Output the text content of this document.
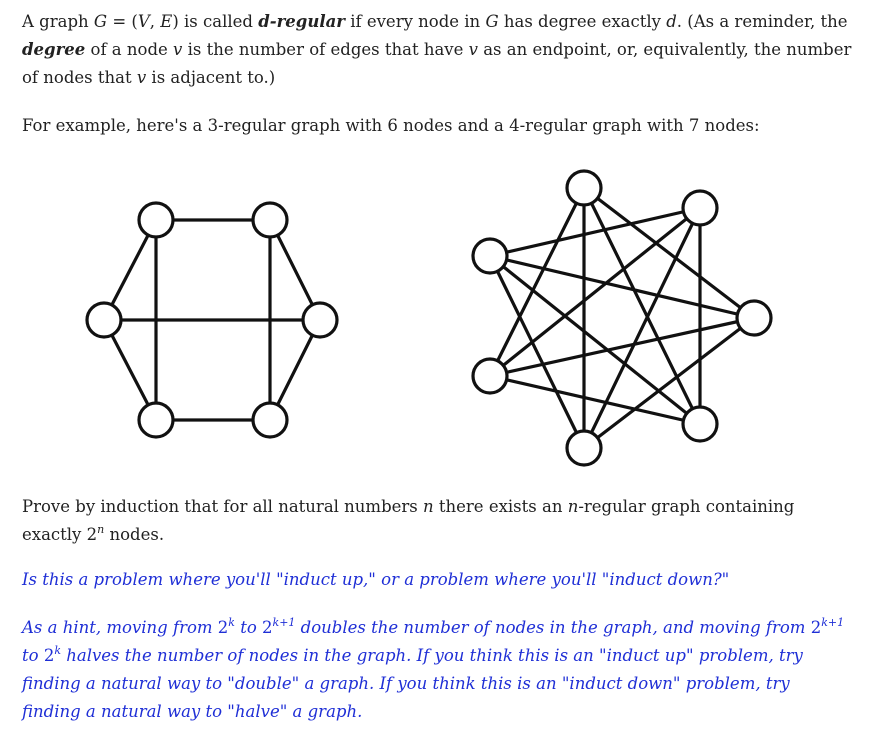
A graph G = (V, E) is called d-regular if every node in G has degree exactly d. (As a reminder, the degree of a node v is the number of edges that have v as an endpoint, or, equivalently, the number of nodes that v is adjacent to.)

For example, here's a 3-regular graph with 6 nodes and a 4-regular graph with 7 nodes:

Prove by induction that for all natural numbers n there exists an n-regular graph containing exactly 2$^n$ nodes.

Is this a problem where you'll "induct up," or a problem where you'll "induct down?"

As a hint, moving from 2$^k$ to $2^{k+1}$ doubles the number of nodes in the graph, and moving from $2^{k+1}$ to 2$^k$ halves the number of nodes in the graph. If you think this is an "induct up" problem, try finding a natural way to "double" a graph. If you think this is an "induct down" problem, try finding a natural way to "halve" a graph.
